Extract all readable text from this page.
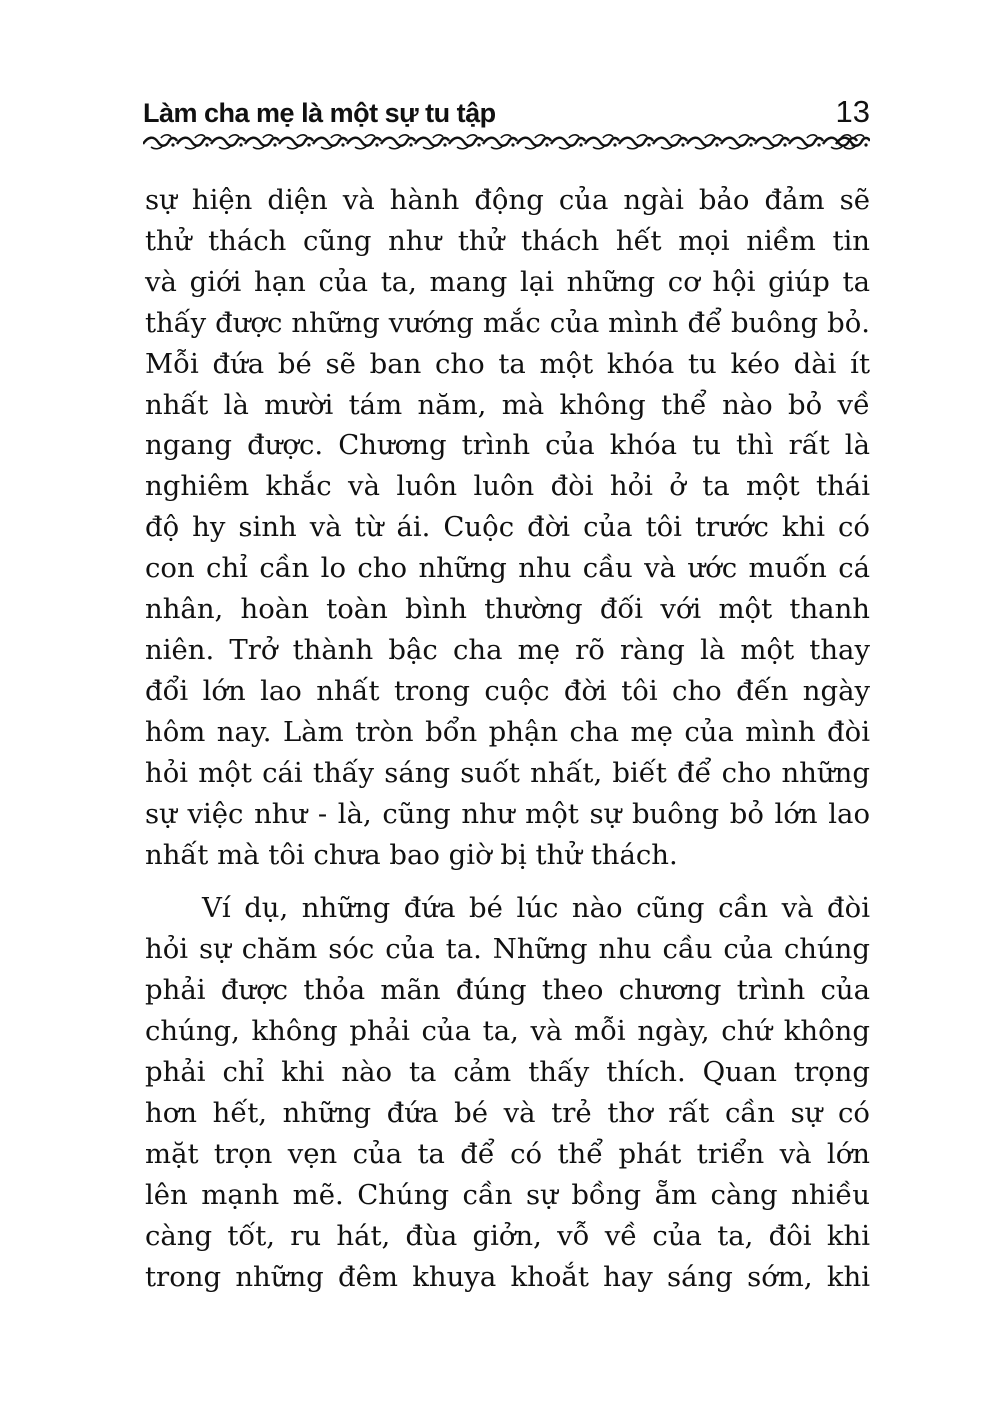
Làm cha mẹ là một sự tu tập	13
sự hiện diện và hành động của ngài bảo đảm sẽ
thử thách cũng như thử thách hết mọi niềm tin
và giới hạn của ta, mang lại những cơ hội giúp ta
thấy được những vướng mắc của mình để buông bỏ.
Mỗi đứa bé sẽ ban cho ta một khóa tu kéo dài ít
nhất là mười tám năm, mà không thể nào bỏ về
ngang được. Chương trình của khóa tu thì rất là
nghiêm khắc và luôn luôn đòi hỏi ở ta một thái
độ hy sinh và từ ái. Cuộc đời của tôi trước khi có
con chỉ cần lo cho những nhu cầu và ước muốn cá
nhân, hoàn toàn bình thường đối với một thanh
niên. Trở thành bậc cha mẹ rõ ràng là một thay
đổi lớn lao nhất trong cuộc đời tôi cho đến ngày
hôm nay. Làm tròn bổn phận cha mẹ của mình đòi
hỏi một cái thấy sáng suốt nhất, biết để cho những
sự việc như - là, cũng như một sự buông bỏ lớn lao
nhất mà tôi chưa bao giờ bị thử thách.
Ví dụ, những đứa bé lúc nào cũng cần và đòi
hỏi sự chăm sóc của ta. Những nhu cầu của chúng
phải được thỏa mãn đúng theo chương trình của
chúng, không phải của ta, và mỗi ngày, chứ không
phải chỉ khi nào ta cảm thấy thích. Quan trọng
hơn hết, những đứa bé và trẻ thơ rất cần sự có
mặt trọn vẹn của ta để có thể phát triển và lớn
lên mạnh mẽ. Chúng cần sự bồng ẵm càng nhiều
càng tốt, ru hát, đùa giởn, vỗ về của ta, đôi khi
trong những đêm khuya khoắt hay sáng sớm, khi
